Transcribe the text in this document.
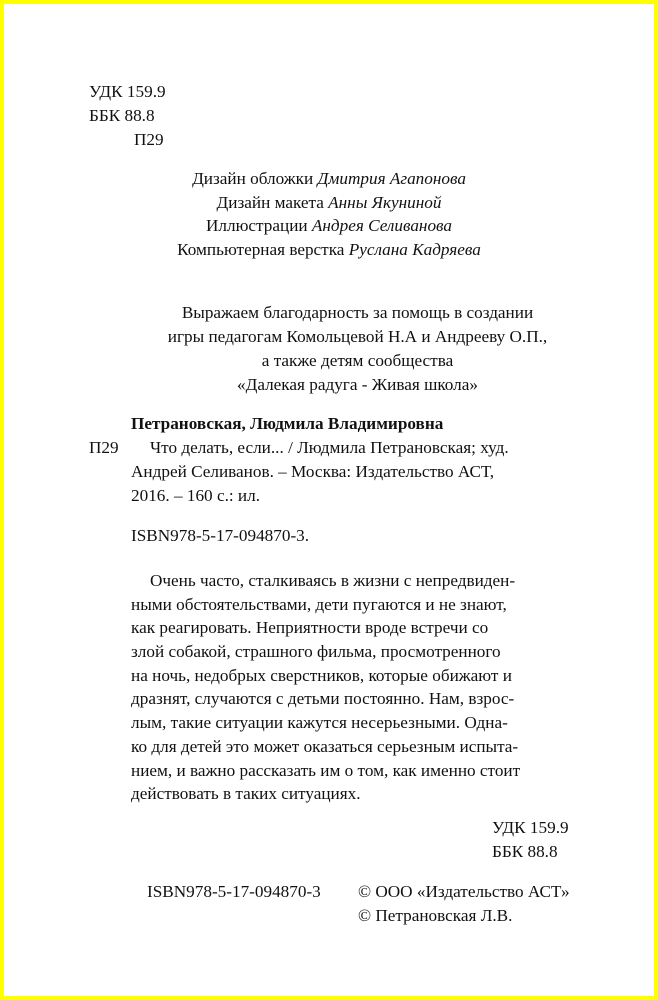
УДК 159.9
ББК 88.8
П29
Дизайн обложки Дмитрия Агапонова
Дизайн макета Анны Якуниной
Иллюстрации Андрея Селиванова
Компьютерная верстка Руслана Кадряева
Выражаем благодарность за помощь в создании
игры педагогам Комольцевой Н.А и Андрееву О.П.,
а также детям сообщества
«Далекая радуга - Живая школа»
Петрановская, Людмила Владимировна
П29 Что делать, если... / Людмила Петрановская; худ.
Андрей Селиванов. – Москва: Издательство АСТ,
2016. – 160 с.: ил.
ISBN978-5-17-094870-3.

Очень часто, сталкиваясь в жизни с непредвиден-

ными обстоятельствами, дети пугаются и не знают,

как реагировать. Неприятности вроде встречи со

злой собакой, страшного фильма, просмотренного

на ночь, недобрых сверстников, которые обижают и

дразнят, случаются с детьми постоянно. Нам, взрос-

лым, такие ситуации кажутся несерьезными. Одна-

ко для детей это может оказаться серьезным испыта-

нием, и важно рассказать им о том, как именно стоит

действовать в таких ситуациях.

УДК 159.9
ББК 88.8
ISBN978-5-17-094870-3 © ООО «Издательство АСТ»
© Петрановская Л.В.
